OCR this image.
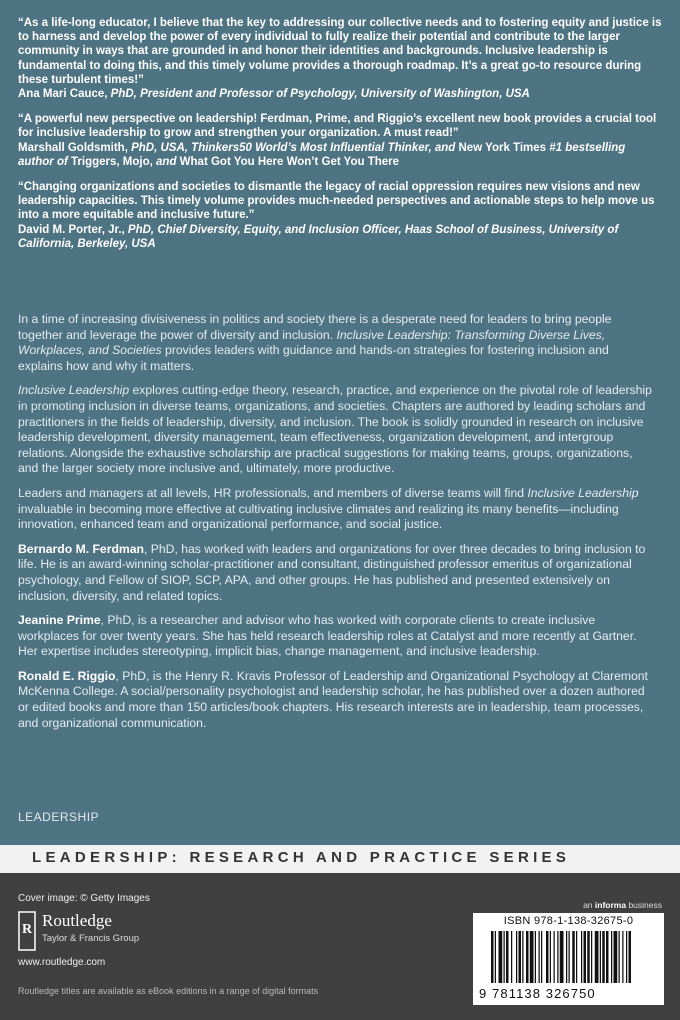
“As a life-long educator, I believe that the key to addressing our collective needs and to fostering equity and justice is to harness and develop the power of every individual to fully realize their potential and contribute to the larger community in ways that are grounded in and honor their identities and backgrounds. Inclusive leadership is fundamental to doing this, and this timely volume provides a thorough roadmap. It’s a great go-to resource during these turbulent times!”
Ana Mari Cauce, PhD, President and Professor of Psychology, University of Washington, USA
“A powerful new perspective on leadership! Ferdman, Prime, and Riggio’s excellent new book provides a crucial tool for inclusive leadership to grow and strengthen your organization. A must read!”
Marshall Goldsmith, PhD, USA, Thinkers50 World’s Most Influential Thinker, and New York Times #1 bestselling author of Triggers, Mojo, and What Got You Here Won’t Get You There
“Changing organizations and societies to dismantle the legacy of racial oppression requires new visions and new leadership capacities. This timely volume provides much-needed perspectives and actionable steps to help move us into a more equitable and inclusive future.”
David M. Porter, Jr., PhD, Chief Diversity, Equity, and Inclusion Officer, Haas School of Business, University of California, Berkeley, USA

In a time of increasing divisiveness in politics and society there is a desperate need for leaders to bring people together and leverage the power of diversity and inclusion. Inclusive Leadership: Transforming Diverse Lives, Workplaces, and Societies provides leaders with guidance and hands-on strategies for fostering inclusion and explains how and why it matters.

Inclusive Leadership explores cutting-edge theory, research, practice, and experience on the pivotal role of leadership in promoting inclusion in diverse teams, organizations, and societies. Chapters are authored by leading scholars and practitioners in the fields of leadership, diversity, and inclusion. The book is solidly grounded in research on inclusive leadership development, diversity management, team effectiveness, organization development, and intergroup relations. Alongside the exhaustive scholarship are practical suggestions for making teams, groups, organizations, and the larger society more inclusive and, ultimately, more productive.

Leaders and managers at all levels, HR professionals, and members of diverse teams will find Inclusive Leadership invaluable in becoming more effective at cultivating inclusive climates and realizing its many benefits—including innovation, enhanced team and organizational performance, and social justice.

Bernardo M. Ferdman, PhD, has worked with leaders and organizations for over three decades to bring inclusion to life. He is an award-winning scholar-practitioner and consultant, distinguished professor emeritus of organizational psychology, and Fellow of SIOP, SCP, APA, and other groups. He has published and presented extensively on inclusion, diversity, and related topics.

Jeanine Prime, PhD, is a researcher and advisor who has worked with corporate clients to create inclusive workplaces for over twenty years. She has held research leadership roles at Catalyst and more recently at Gartner. Her expertise includes stereotyping, implicit bias, change management, and inclusive leadership.

Ronald E. Riggio, PhD, is the Henry R. Kravis Professor of Leadership and Organizational Psychology at Claremont McKenna College. A social/personality psychologist and leadership scholar, he has published over a dozen authored or edited books and more than 150 articles/book chapters. His research interests are in leadership, team processes, and organizational communication.

LEADERSHIP
LEADERSHIP: RESEARCH AND PRACTICE SERIES
Cover image: © Getty Images
R Routledge
Taylor & Francis Group
www.routledge.com
Routledge titles are available as eBook editions in a range of digital formats
an informa business
ISBN 978-1-138-32675-0
9 781138 326750
